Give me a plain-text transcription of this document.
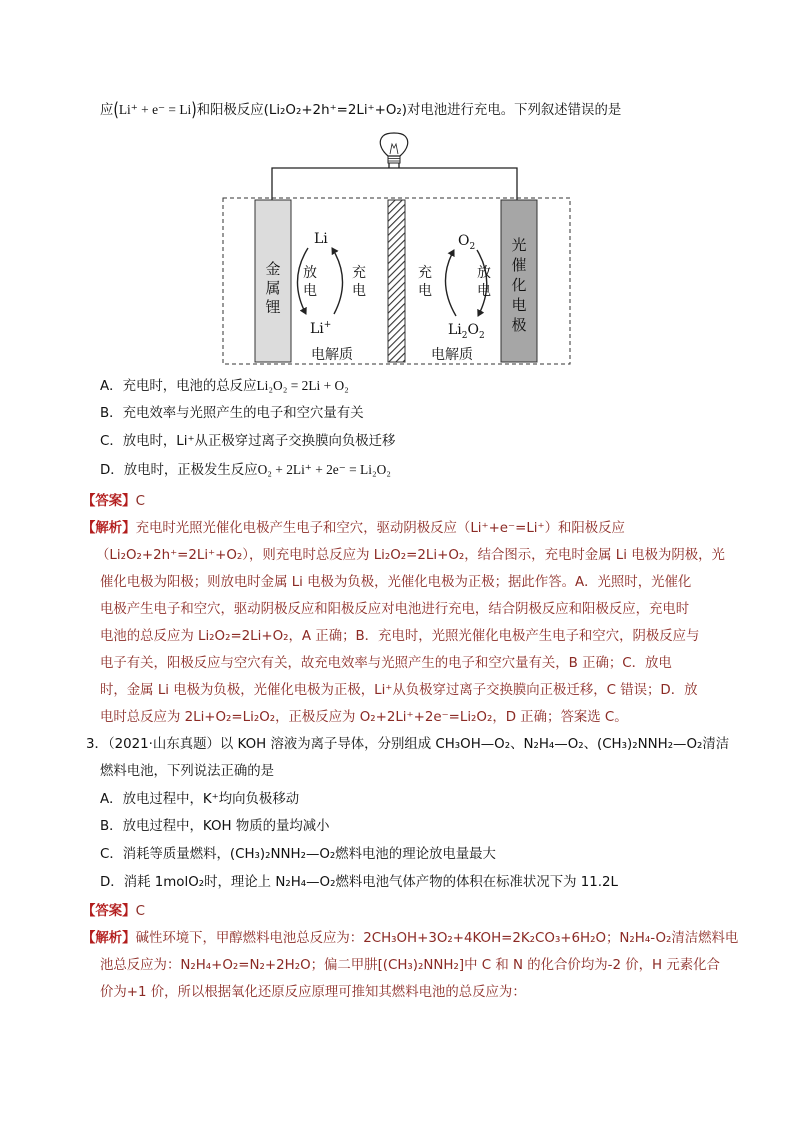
应(Li⁺ + e⁻ = Li)和阳极反应(Li₂O₂+2h⁺=2Li⁺+O₂)对电池进行充电。下列叙述错误的是
金
属
锂
光
催
化
电
极
Li
Li+
放
电
充
电
$O_2$
$Li_2O_2$
充
电
放
电
电解质	电解质
A．充电时，电池的总反应Li₂O₂ = 2Li + O₂
B．充电效率与光照产生的电子和空穴量有关
C．放电时，Li⁺从正极穿过离子交换膜向负极迁移
D．放电时，正极发生反应O₂ + 2Li⁺ + 2e⁻ = Li₂O₂
【答案】C
【解析】充电时光照光催化电极产生电子和空穴，驱动阴极反应（Li⁺+e⁻=Li⁺）和阳极反应
（Li₂O₂+2h⁺=2Li⁺+O₂），则充电时总反应为 Li₂O₂=2Li+O₂，结合图示，充电时金属 Li 电极为阴极，光
催化电极为阳极；则放电时金属 Li 电极为负极，光催化电极为正极；据此作答。A．光照时，光催化
电极产生电子和空穴，驱动阴极反应和阳极反应对电池进行充电，结合阴极反应和阳极反应，充电时
电池的总反应为 Li₂O₂=2Li+O₂，A 正确；B．充电时，光照光催化电极产生电子和空穴，阴极反应与
电子有关，阳极反应与空穴有关，故充电效率与光照产生的电子和空穴量有关，B 正确；C．放电
时，金属 Li 电极为负极，光催化电极为正极，Li⁺从负极穿过离子交换膜向正极迁移，C 错误；D．放
电时总反应为 2Li+O₂=Li₂O₂，正极反应为 O₂+2Li⁺+2e⁻=Li₂O₂，D 正确；答案选 C。
3．（2021·山东真题）以 KOH 溶液为离子导体，分别组成 CH₃OH—O₂、N₂H₄—O₂、(CH₃)₂NNH₂—O₂清洁
燃料电池，下列说法正确的是
A．放电过程中，K⁺均向负极移动
B．放电过程中，KOH 物质的量均减小
C．消耗等质量燃料，(CH₃)₂NNH₂—O₂燃料电池的理论放电量最大
D．消耗 1molO₂时，理论上 N₂H₄—O₂燃料电池气体产物的体积在标准状况下为 11.2L
【答案】C
【解析】碱性环境下，甲醇燃料电池总反应为：2CH₃OH+3O₂+4KOH=2K₂CO₃+6H₂O；N₂H₄-O₂清洁燃料电
池总反应为：N₂H₄+O₂=N₂+2H₂O；偏二甲肼[(CH₃)₂NNH₂]中 C 和 N 的化合价均为-2 价，H 元素化合
价为+1 价，所以根据氧化还原反应原理可推知其燃料电池的总反应为：
